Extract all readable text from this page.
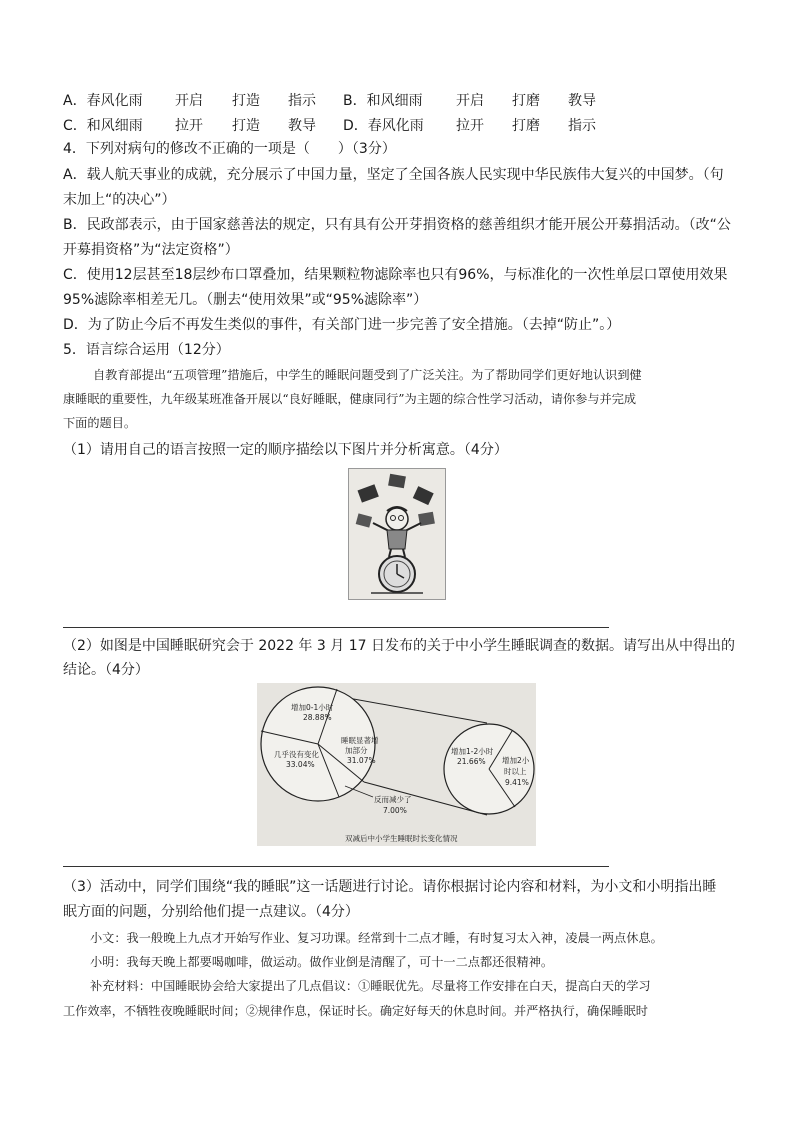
A．春风化雨 开启 打造 指示 B．和风细雨 开启 打磨 教导
C．和风细雨 拉开 打造 教导 D．春风化雨 拉开 打磨 指示
4．下列对病句的修改不正确的一项是（　　）（3分）
A．载人航天事业的成就，充分展示了中国力量，坚定了全国各族人民实现中华民族伟大复兴的中国梦。（句
末加上“的决心”）
B．民政部表示，由于国家慈善法的规定，只有具有公开芽捐资格的慈善组织才能开展公开募捐活动。（改“公
开募捐资格”为“法定资格”）
C．使用12层甚至18层纱布口罩叠加，结果颗粒物滤除率也只有96%，与标准化的一次性单层口罩使用效果
95%滤除率相差无几。（删去“使用效果”或“95%滤除率”）
D．为了防止今后不再发生类似的事件，有关部门进一步完善了安全措施。（去掉“防止”。）
5．语言综合运用（12分）
自教育部提出“五项管理”措施后，中学生的睡眠问题受到了广泛关注。为了帮助同学们更好地认识到健
康睡眠的重要性，九年级某班准备开展以“良好睡眠，健康同行”为主题的综合性学习活动，请你参与并完成
下面的题目。
（1）请用自己的语言按照一定的顺序描绘以下图片并分析寓意。（4分）
（2）如图是中国睡眠研究会于 2022 年 3 月 17 日发布的关于中小学生睡眠调查的数据。请写出从中得出的
结论。（4分）
增加0-1小时
28.88%
几乎没有变化
33.04%
睡眠显著增
加部分
31.07%
反而减少了
7.00%
增加1-2小时
21.66% 增加2小
时以上
9.41%
双减后中小学生睡眠时长变化情况
（3）活动中，同学们围绕“我的睡眠”这一话题进行讨论。请你根据讨论内容和材料，为小文和小明指出睡
眠方面的问题，分别给他们提一点建议。（4分）
小文：我一般晚上九点才开始写作业、复习功课。经常到十二点才睡，有时复习太入神，凌晨一两点休息。
小明：我每天晚上都要喝咖啡，做运动。做作业倒是清醒了，可十一二点都还很精神。
补充材料：中国睡眠协会给大家提出了几点倡议：①睡眠优先。尽量将工作安排在白天，提高白天的学习
工作效率，不牺牲夜晚睡眠时间；②规律作息，保证时长。确定好每天的休息时间。并严格执行，确保睡眠时
